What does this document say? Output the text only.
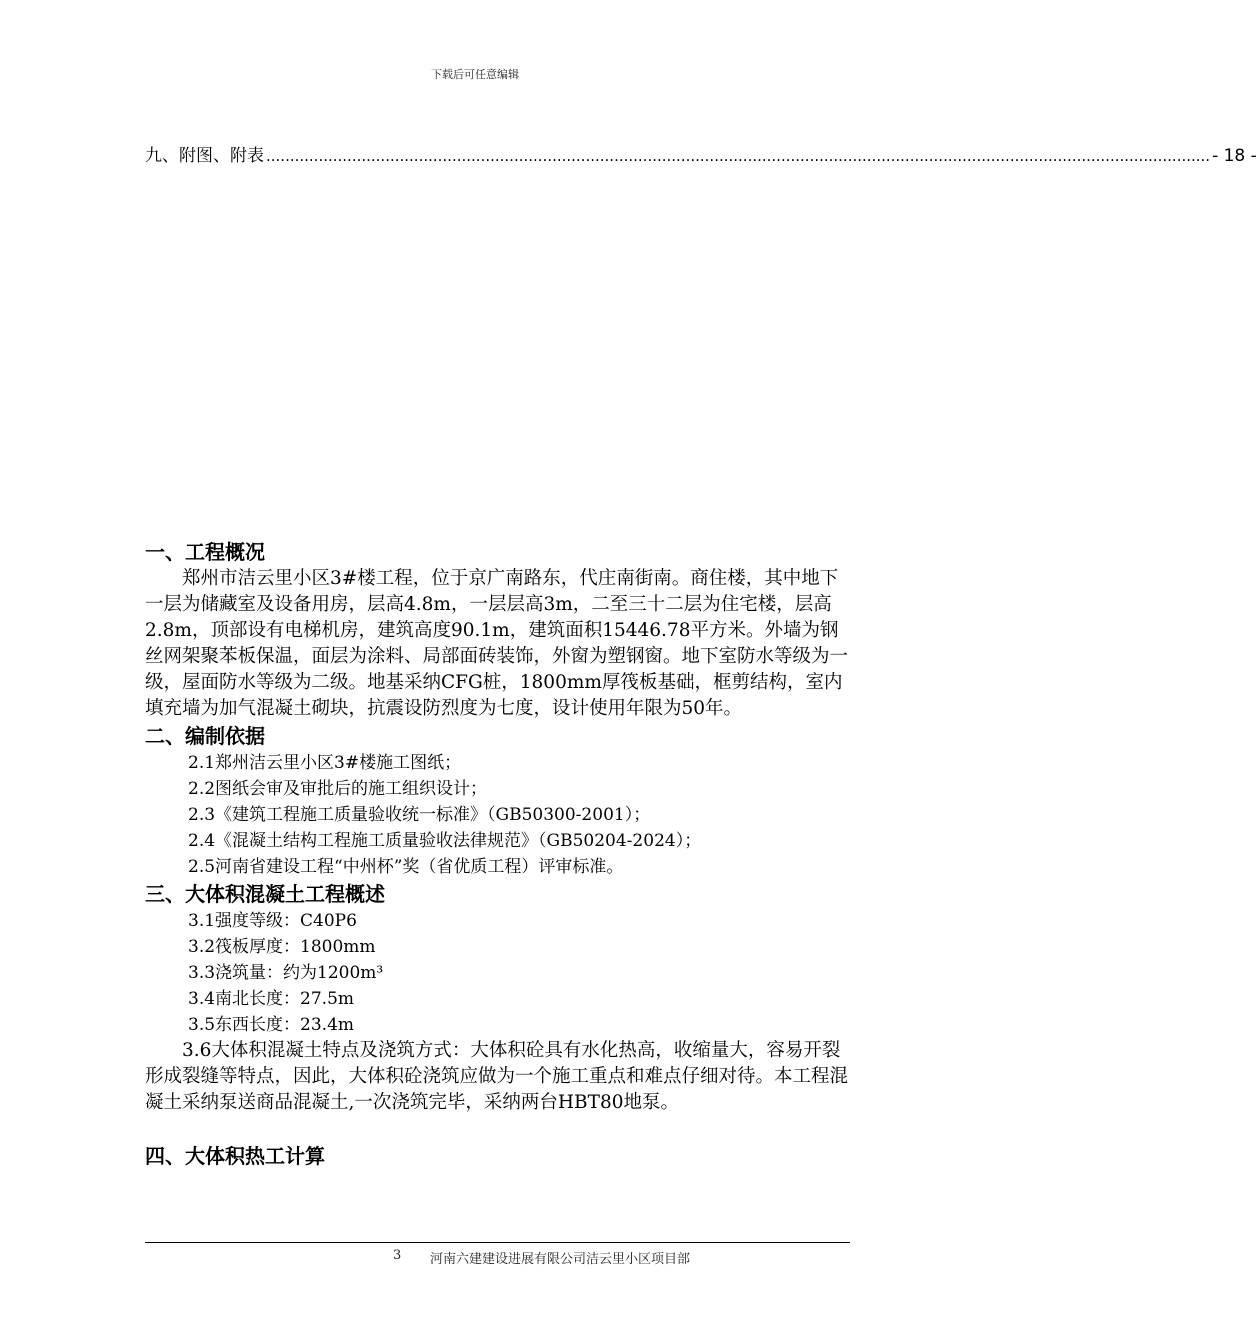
下载后可任意编辑
九、附图、附表 ...................................................................................................................................................................................................... - 18 -

一、工程概况

郑州市洁云里小区3#楼工程，位于京广南路东，代庄南街南。商住楼，其中地下一层为储藏室及设备用房，层高4.8m，一层层高3m，二至三十二层为住宅楼，层高2.8m，顶部设有电梯机房，建筑高度90.1m，建筑面积15446.78平方米。外墙为钢丝网架聚苯板保温，面层为涂料、局部面砖装饰，外窗为塑钢窗。地下室防水等级为一级，屋面防水等级为二级。地基采纳CFG桩，1800mm厚筏板基础，框剪结构，室内填充墙为加气混凝土砌块，抗震设防烈度为七度，设计使用年限为50年。

二、编制依据

2.1郑州洁云里小区3#楼施工图纸；

2.2图纸会审及审批后的施工组织设计；

2.3《建筑工程施工质量验收统一标准》（GB50300-2001）；

2.4《混凝土结构工程施工质量验收法律规范》（GB50204-2024）；

2.5河南省建设工程“中州杯”奖（省优质工程）评审标准。

三、大体积混凝土工程概述

3.1强度等级：C40P6

3.2筏板厚度：1800mm

3.3浇筑量：约为1200m³

3.4南北长度：27.5m

3.5东西长度：23.4m

3.6大体积混凝土特点及浇筑方式：大体积砼具有水化热高，收缩量大，容易开裂形成裂缝等特点，因此，大体积砼浇筑应做为一个施工重点和难点仔细对待。本工程混凝土采纳泵送商品混凝土,一次浇筑完毕，采纳两台HBT80地泵。

四、大体积热工计算

3 河南六建建设进展有限公司洁云里小区项目部
